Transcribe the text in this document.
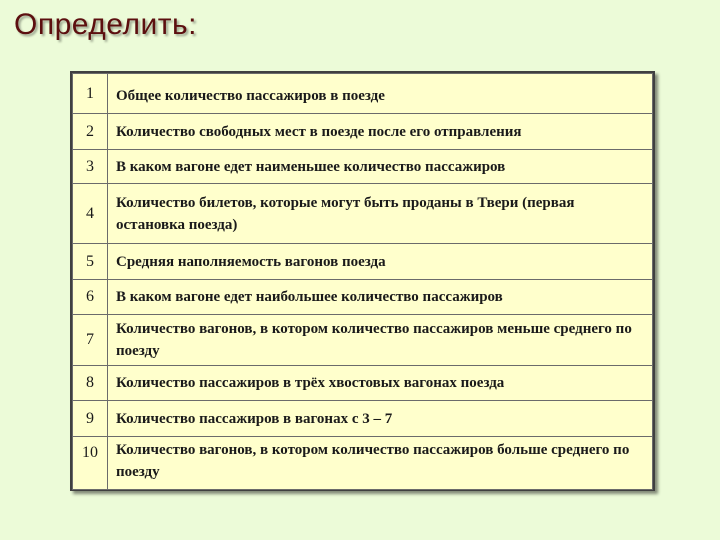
Определить:
1	Общее количество пассажиров в поезде
2	Количество свободных мест в поезде после его отправления
3	В каком вагоне едет наименьшее количество пассажиров
4	Количество билетов, которые могут быть проданы в Твери (первая остановка поезда)
5	Средняя наполняемость вагонов поезда
6	В каком вагоне едет наибольшее количество пассажиров
7	Количество вагонов, в котором количество пассажиров меньше среднего по поезду
8	Количество пассажиров в трёх хвостовых вагонах поезда
9	Количество пассажиров в вагонах с 3 – 7
10	Количество вагонов, в котором количество пассажиров больше среднего по поезду
